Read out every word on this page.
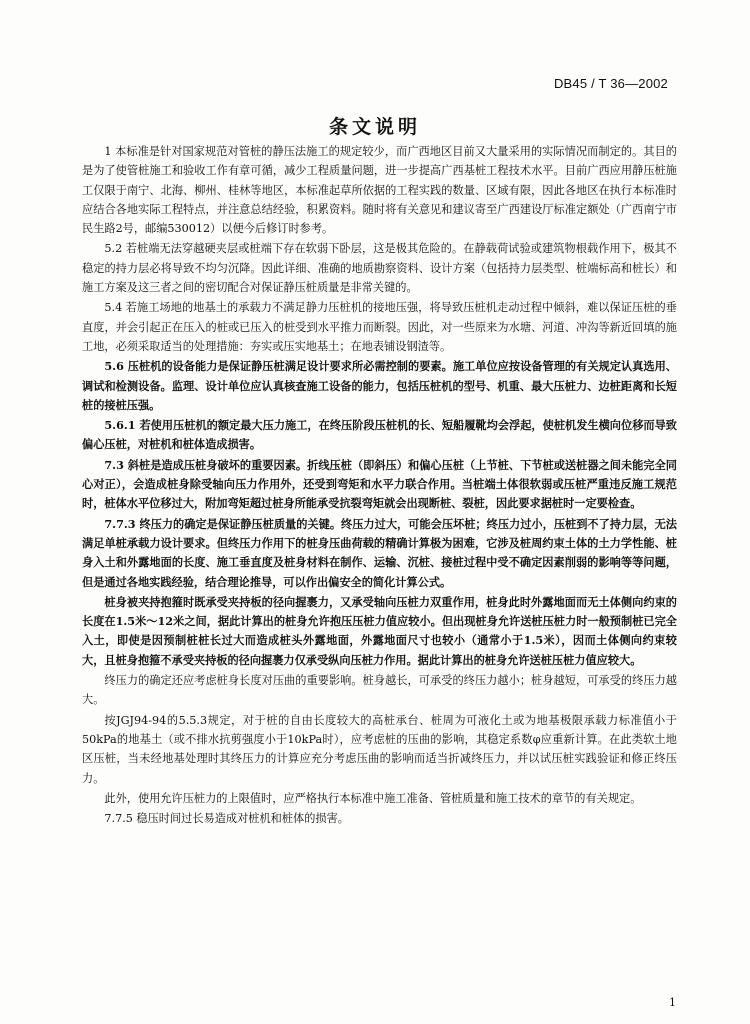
DB45 / T 36—2002
条文说明

1 本标准是针对国家规范对管桩的静压法施工的规定较少，而广西地区目前又大量采用的实际情况而制定的。其目的是为了使管桩施工和验收工作有章可循，减少工程质量问题，进一步提高广西基桩工程技术水平。目前广西应用静压桩施工仅限于南宁、北海、柳州、桂林等地区，本标准起草所依据的工程实践的数量、区域有限，因此各地区在执行本标准时应结合各地实际工程特点，并注意总结经验，积累资料。随时将有关意见和建议寄至广西建设厅标准定额处（广西南宁市民生路2号，邮编530012）以便今后修订时参考。

5.2 若桩端无法穿越硬夹层或桩端下存在软弱下卧层，这是极其危险的。在静载荷试验或建筑物根载作用下，极其不稳定的持力层必将导致不均匀沉降。因此详细、准确的地质勘察资料、设计方案（包括持力层类型、桩端标高和桩长）和施工方案及这三者之间的密切配合对保证静压桩质量是非常关键的。

5.4 若施工场地的地基土的承载力不满足静力压桩机的接地压强，将导致压桩机走动过程中倾斜，难以保证压桩的垂直度，并会引起正在压入的桩或已压入的桩受到水平推力而断裂。因此，对一些原来为水塘、河道、冲沟等新近回填的施工地，必须采取适当的处理措施：夯实或压实地基土；在地表铺设钢渣等。

5.6 压桩机的设备能力是保证静压桩满足设计要求所必需控制的要素。施工单位应按设备管理的有关规定认真选用、调试和检测设备。监理、设计单位应认真核查施工设备的能力，包括压桩机的型号、机重、最大压桩力、边桩距离和长短桩的接桩压强。

5.6.1 若使用压桩机的额定最大压力施工，在终压阶段压桩机的长、短船履靴均会浮起，使桩机发生横向位移而导致偏心压桩，对桩机和桩体造成损害。

7.3 斜桩是造成压桩身破坏的重要因素。折线压桩（即斜压）和偏心压桩（上节桩、下节桩或送桩器之间未能完全同心对正），会造成桩身除受轴向压力作用外，还受到弯矩和水平力联合作用。当桩端土体很软弱或压桩严重违反施工规范时，桩体水平位移过大，附加弯矩超过桩身所能承受抗裂弯矩就会出现断桩、裂桩，因此要求据桩时一定要检查。

7.7.3 终压力的确定是保证静压桩质量的关键。终压力过大，可能会压坏桩；终压力过小，压桩到不了持力层，无法满足单桩承载力设计要求。但终压力作用下的桩身压曲荷载的精确计算极为困难，它涉及桩周约束土体的土力学性能、桩身入土和外露地面的长度、施工垂直度及桩身材料在制作、运输、沉桩、接桩过程中受不确定因素削弱的影响等等问题，但是通过各地实践经验，结合理论推导，可以作出偏安全的简化计算公式。

桩身被夹持抱箍时既承受夹持板的径向握裹力，又承受轴向压桩力双重作用，桩身此时外露地面而无土体侧向约束的长度在1.5米～12米之间，据此计算出的桩身允许抱压压桩力值应较小。但出现桩身允许送桩压桩力时一般预制桩已完全入土，即使是因预制桩桩长过大而造成桩头外露地面，外露地面尺寸也较小（通常小于1.5米），因而土体侧向约束较大，且桩身抱箍不承受夹持板的径向握裹力仅承受纵向压桩力作用。据此计算出的桩身允许送桩压桩力值应较大。

终压力的确定还应考虑桩身长度对压曲的重要影响。桩身越长，可承受的终压力越小；桩身越短，可承受的终压力越大。

按JGJ94-94的5.5.3规定，对于桩的自由长度较大的高桩承台、桩周为可液化土或为地基极限承载力标准值小于50kPa的地基土（或不排水抗剪强度小于10kPa时），应考虑桩的压曲的影响，其稳定系数φ应重新计算。在此类软土地区压桩，当未经地基处理时其终压力的计算应充分考虑压曲的影响而适当折减终压力，并以试压桩实践验证和修正终压力。

此外，使用允许压桩力的上限值时，应严格执行本标准中施工准备、管桩质量和施工技术的章节的有关规定。

7.7.5 稳压时间过长易造成对桩机和桩体的损害。

1
